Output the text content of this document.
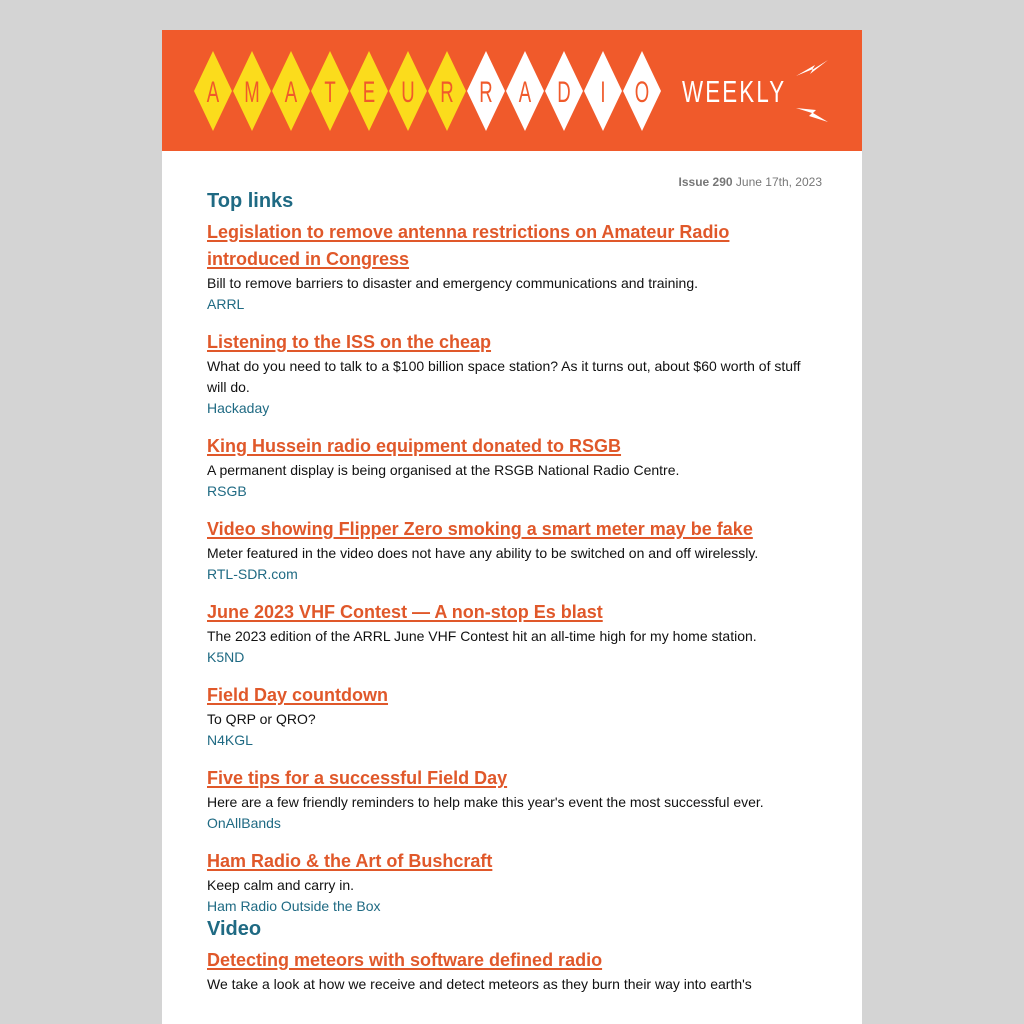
A M A T E U R R A D I O WEEKLY
Issue 290 June 17th, 2023
Top links
Legislation to remove antenna restrictions on Amateur Radio introduced in Congress

Bill to remove barriers to disaster and emergency communications and training.

ARRL
Listening to the ISS on the cheap

What do you need to talk to a $100 billion space station? As it turns out, about $60 worth of stuff will do.

Hackaday
King Hussein radio equipment donated to RSGB

A permanent display is being organised at the RSGB National Radio Centre.

RSGB
Video showing Flipper Zero smoking a smart meter may be fake

Meter featured in the video does not have any ability to be switched on and off wirelessly.

RTL-SDR.com
June 2023 VHF Contest — A non-stop Es blast

The 2023 edition of the ARRL June VHF Contest hit an all-time high for my home station.

K5ND
Field Day countdown

To QRP or QRO?

N4KGL
Five tips for a successful Field Day

Here are a few friendly reminders to help make this year's event the most successful ever.

OnAllBands
Ham Radio & the Art of Bushcraft

Keep calm and carry in.

Ham Radio Outside the Box
Video
Detecting meteors with software defined radio

We take a look at how we receive and detect meteors as they burn their way into earth's
